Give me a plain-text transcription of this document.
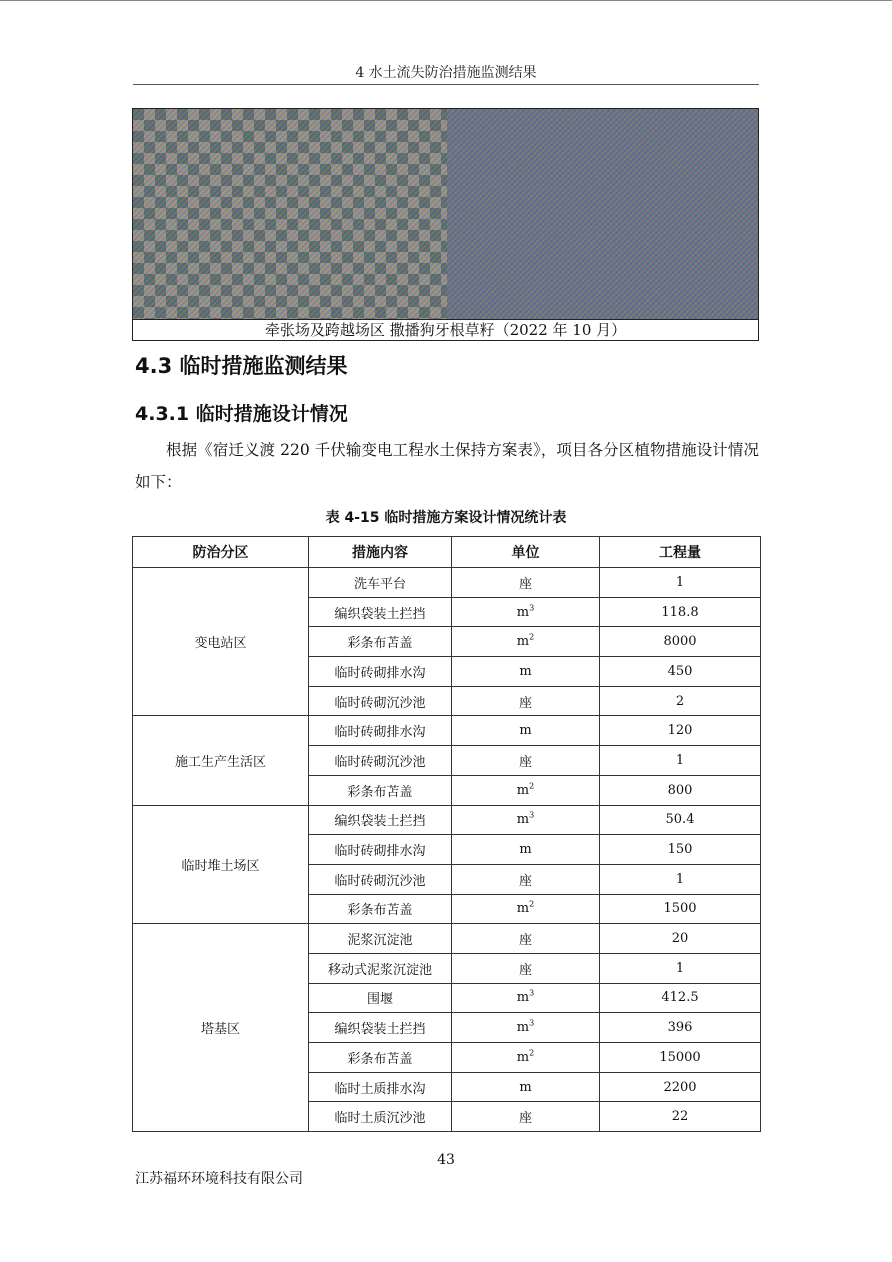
4 水土流失防治措施监测结果
牵张场及跨越场区 撒播狗牙根草籽（2022 年 10 月）
4.3 临时措施监测结果
4.3.1 临时措施设计情况

根据《宿迁义渡 220 千伏输变电工程水土保持方案表》，项目各分区植物措施设计情况如下：

表 4-15 临时措施方案设计情况统计表
防治分区	措施内容	单位	工程量
变电站区	洗车平台	座	1
	编织袋装土拦挡	$m^3$	118.8
	彩条布苫盖	$m^2$	8000
	临时砖砌排水沟	m	450
	临时砖砌沉沙池	座	2
施工生产生活区	临时砖砌排水沟	m	120
	临时砖砌沉沙池	座	1
	彩条布苫盖	$m^2$	800
临时堆土场区	编织袋装土拦挡	$m^3$	50.4
	临时砖砌排水沟	m	150
	临时砖砌沉沙池	座	1
	彩条布苫盖	$m^2$	1500
塔基区	泥浆沉淀池	座	20
	移动式泥浆沉淀池	座	1
	围堰	$m^3$	412.5
	编织袋装土拦挡	$m^3$	396
	彩条布苫盖	$m^2$	15000
	临时土质排水沟	m	2200
	临时土质沉沙池	座	22
43
江苏福环环境科技有限公司
